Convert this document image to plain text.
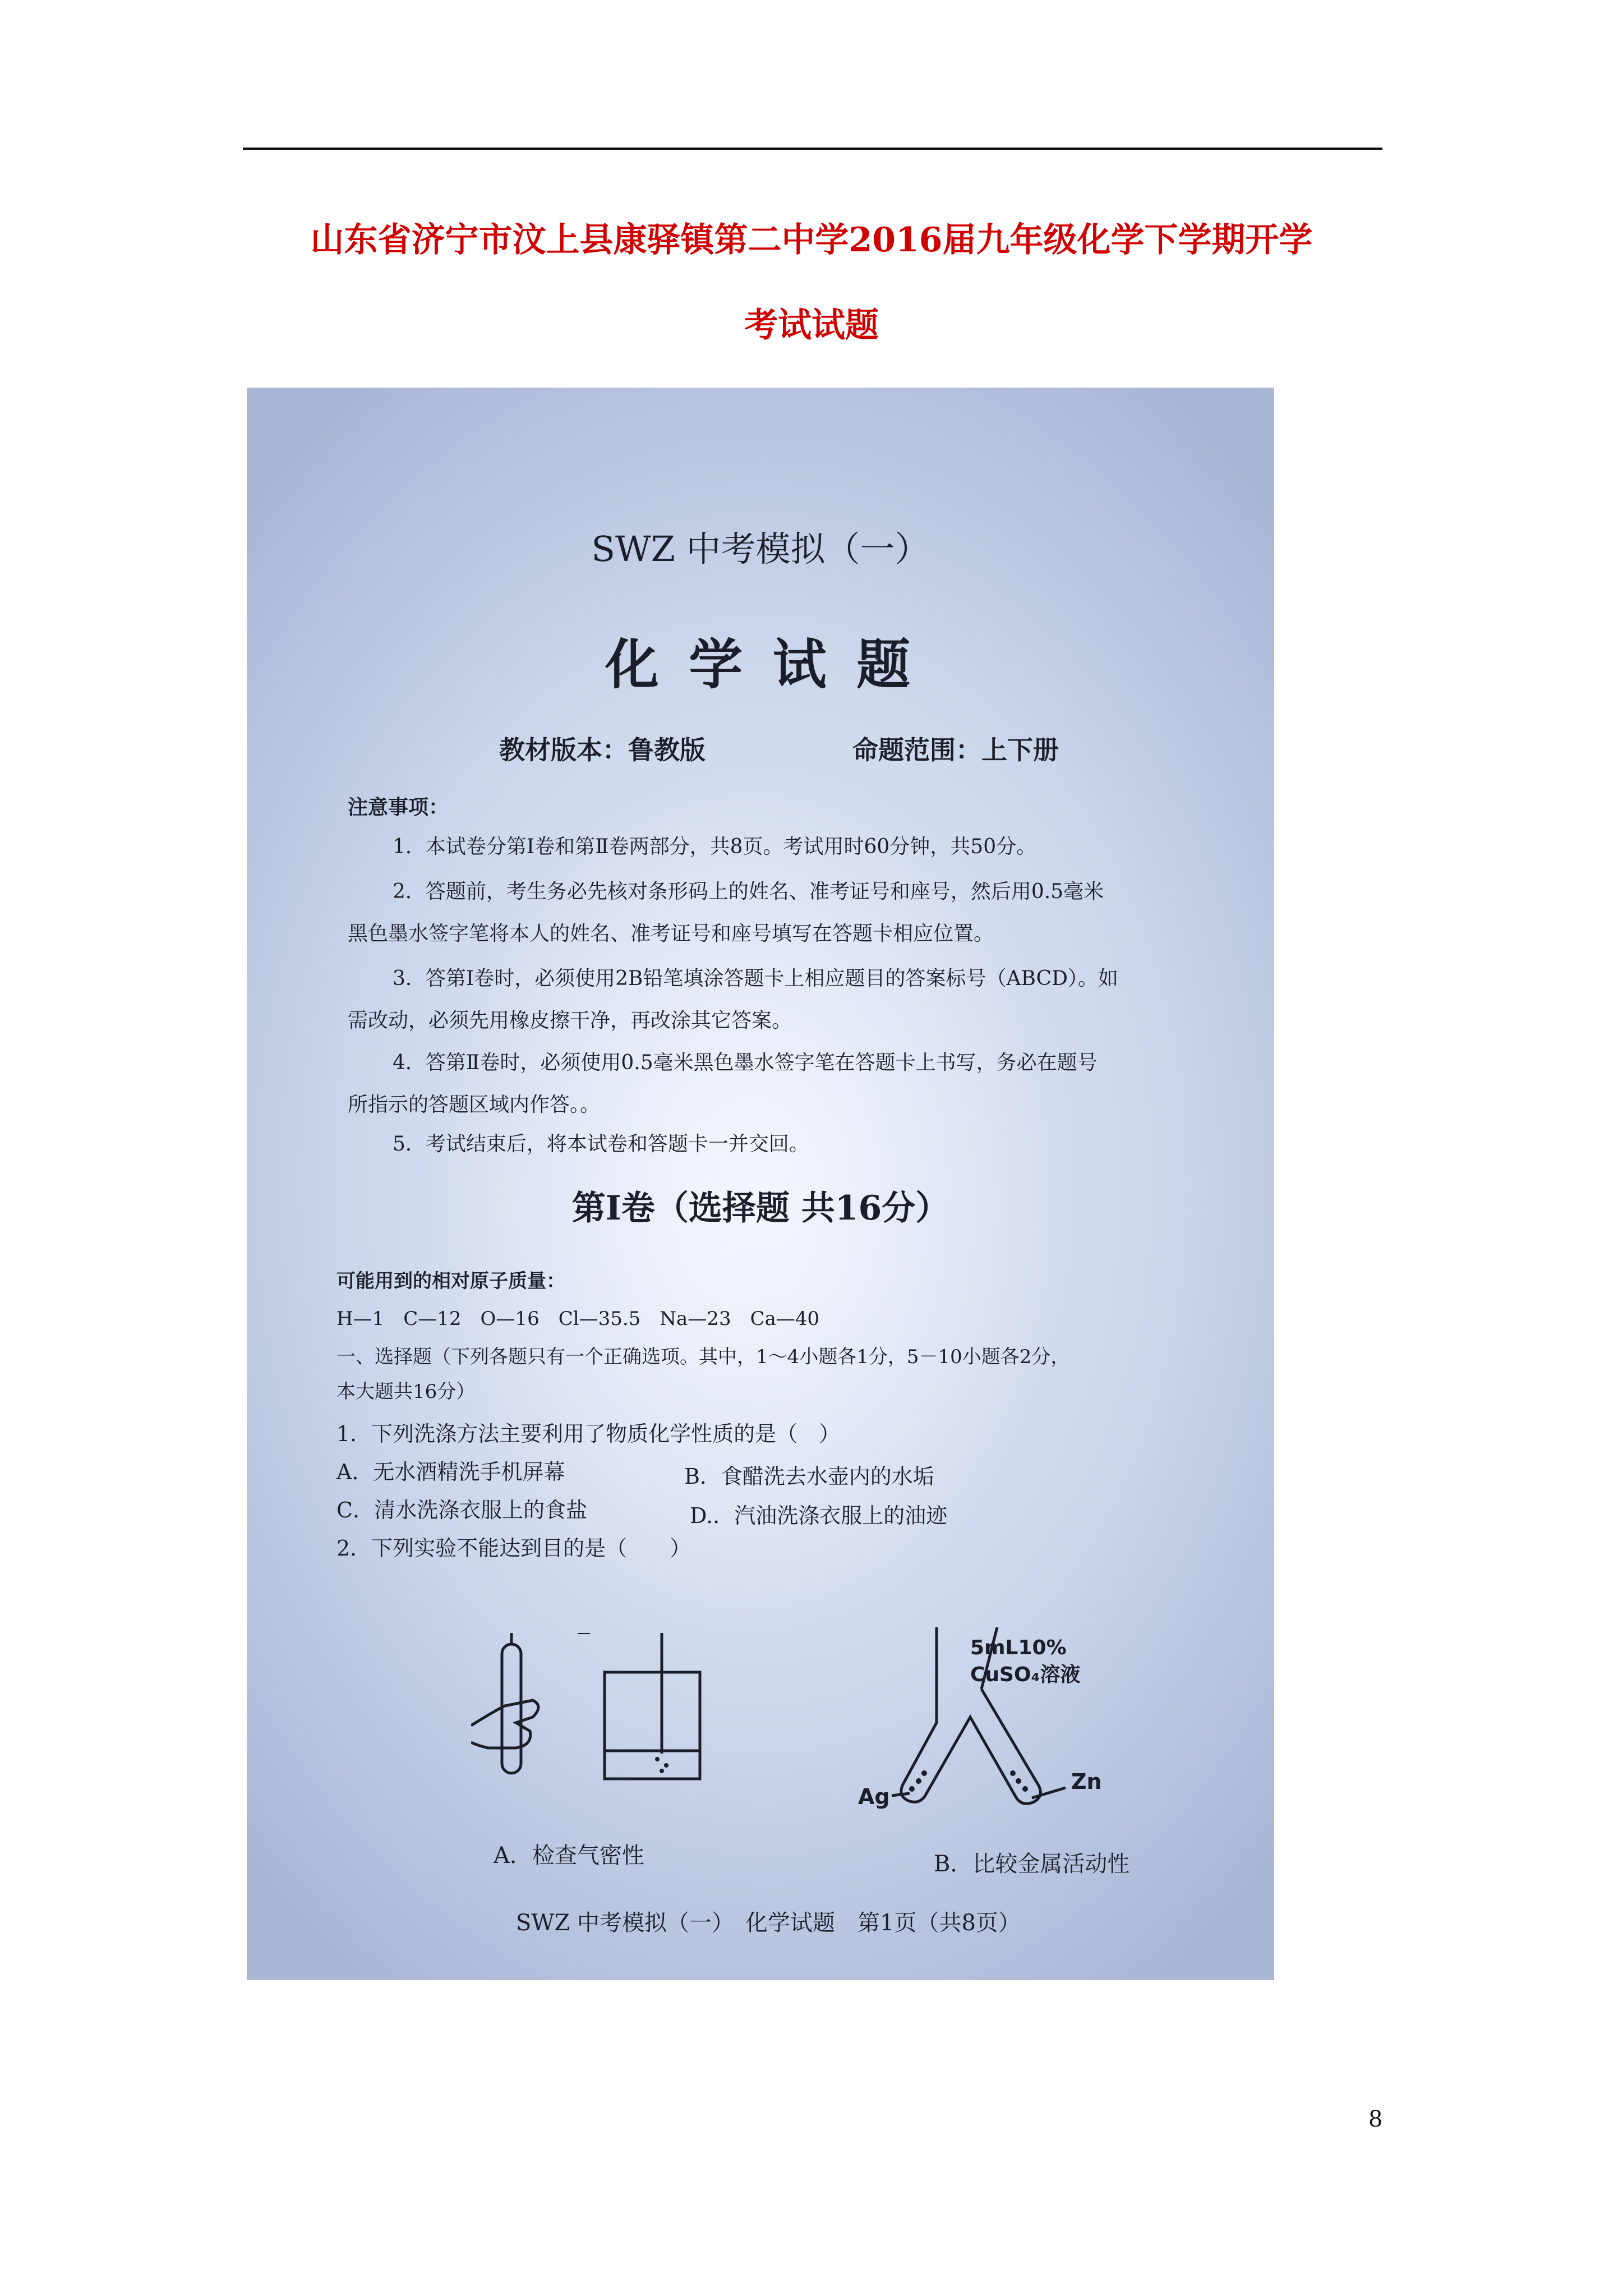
山东省济宁市汶上县康驿镇第二中学2016届九年级化学下学期开学
考试试题
SWZ 中考模拟（一）
化 学 试 题
教材版本：鲁教版	命题范围：上下册
注意事项：
1．本试卷分第Ⅰ卷和第Ⅱ卷两部分，共8页。考试用时60分钟，共50分。
2．答题前，考生务必先核对条形码上的姓名、准考证号和座号，然后用0.5毫米
黑色墨水签字笔将本人的姓名、准考证号和座号填写在答题卡相应位置。
3．答第Ⅰ卷时，必须使用2B铅笔填涂答题卡上相应题目的答案标号（ABCD）。如
需改动，必须先用橡皮擦干净，再改涂其它答案。
4．答第Ⅱ卷时，必须使用0.5毫米黑色墨水签字笔在答题卡上书写，务必在题号
所指示的答题区域内作答。。
5．考试结束后，将本试卷和答题卡一并交回。
第Ⅰ卷（选择题 共16分）
可能用到的相对原子质量：
H—1　C—12　O—16　Cl—35.5　Na—23　Ca—40
一、选择题（下列各题只有一个正确选项。其中，1～4小题各1分，5－10小题各2分，
本大题共16分）
1．下列洗涤方法主要利用了物质化学性质的是（　）
A．无水酒精洗手机屏幕	B．食醋洗去水壶内的水垢
C．清水洗涤衣服上的食盐	D.．汽油洗涤衣服上的油迹
2．下列实验不能达到目的是（　　）
A．检查气密性
5mL10%
CuSO₄溶液
Ag
Zn
B．比较金属活动性
SWZ 中考模拟（一）　化学试题　第1页（共8页）
8
